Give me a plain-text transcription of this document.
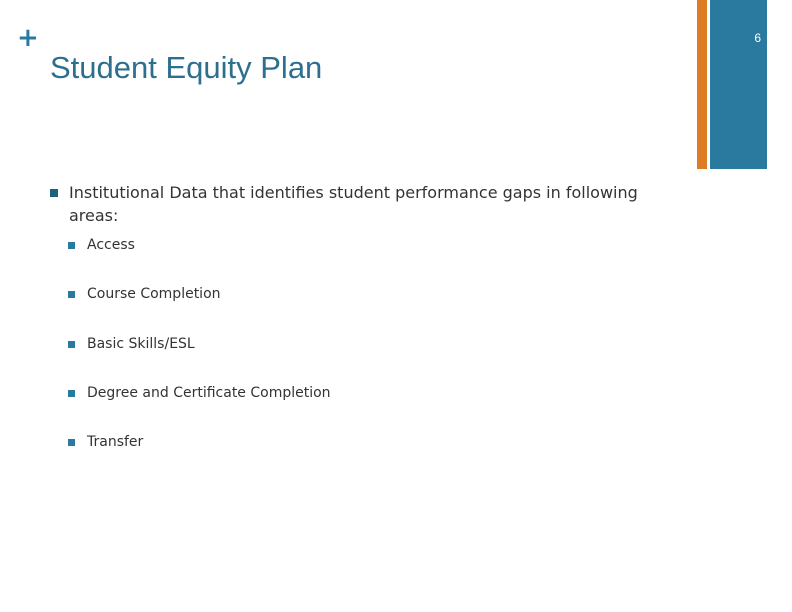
+
Student Equity Plan
6
Institutional Data that identifies student performance gaps in following areas:
Access
Course Completion
Basic Skills/ESL
Degree and Certificate Completion
Transfer
